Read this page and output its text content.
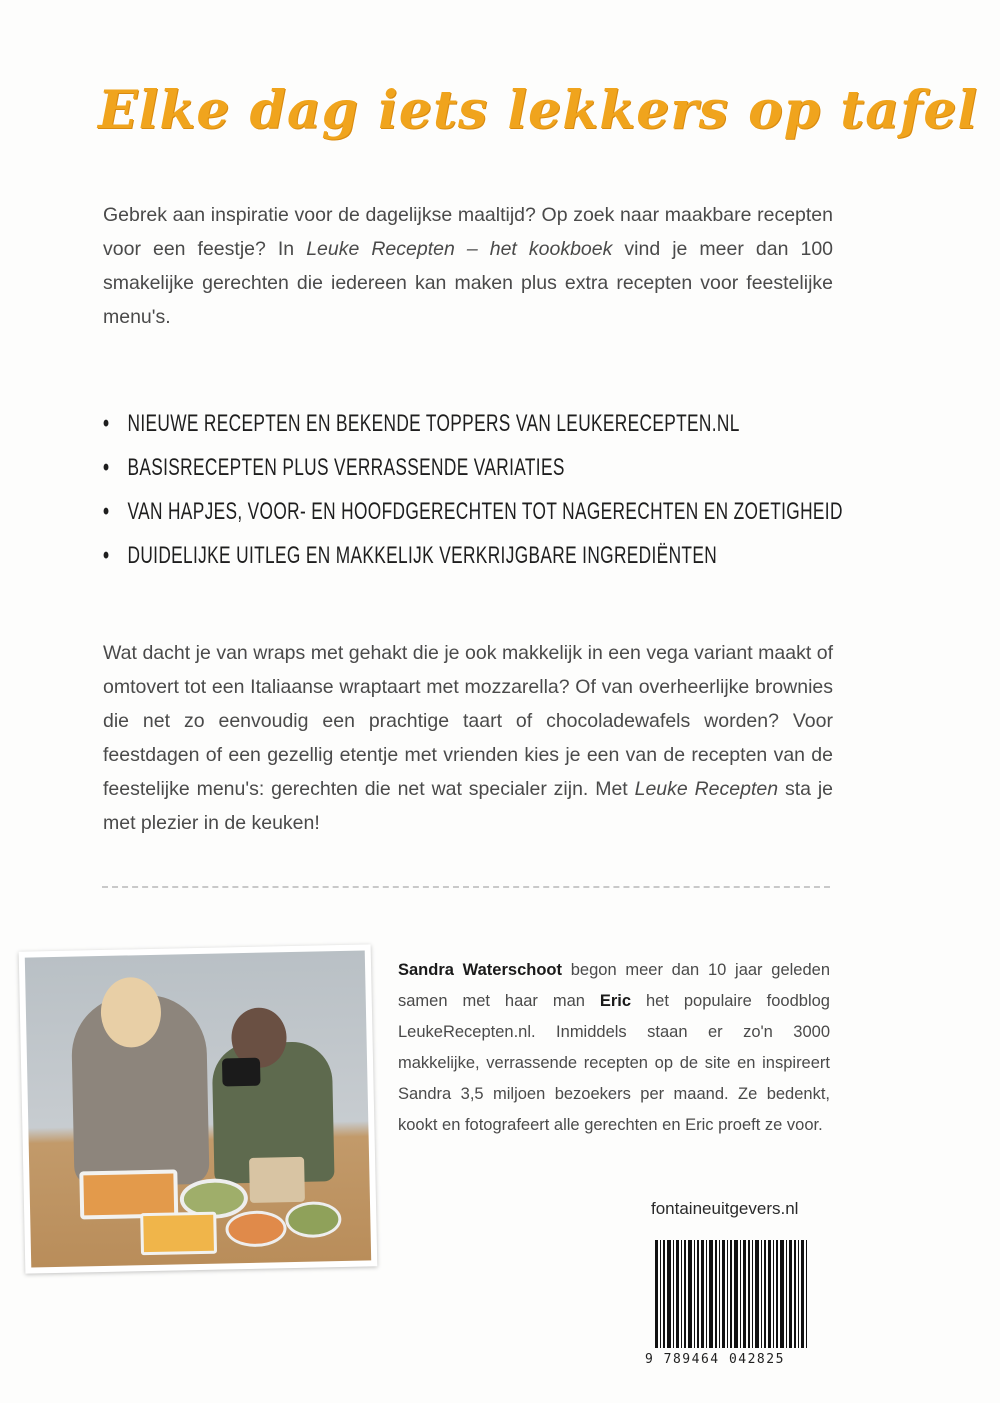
Elke dag iets lekkers op tafel
Gebrek aan inspiratie voor de dagelijkse maaltijd? Op zoek naar maakbare recepten voor een feestje? In Leuke Recepten – het kookboek vind je meer dan 100 smakelijke gerechten die iedereen kan maken plus extra recepten voor feestelijke menu's.
• NIEUWE RECEPTEN EN BEKENDE TOPPERS VAN LEUKERECEPTEN.NL
• BASISRECEPTEN PLUS VERRASSENDE VARIATIES
• VAN HAPJES, VOOR- EN HOOFDGERECHTEN TOT NAGERECHTEN EN ZOETIGHEID
• DUIDELIJKE UITLEG EN MAKKELIJK VERKRIJGBARE INGREDIËNTEN
Wat dacht je van wraps met gehakt die je ook makkelijk in een vega variant maakt of omtovert tot een Italiaanse wraptaart met mozzarella? Of van overheerlijke brownies die net zo eenvoudig een prachtige taart of chocoladewafels worden? Voor feestdagen of een gezellig etentje met vrienden kies je een van de recepten van de feestelijke menu's: gerechten die net wat specialer zijn. Met Leuke Recepten sta je met plezier in de keuken!
Sandra Waterschoot begon meer dan 10 jaar geleden samen met haar man Eric het populaire foodblog LeukeRecepten.nl. Inmiddels staan er zo'n 3000 makkelijke, verrassende recepten op de site en inspireert Sandra 3,5 miljoen bezoekers per maand. Ze bedenkt, kookt en fotografeert alle gerechten en Eric proeft ze voor.
fontaineuitgevers.nl
9 789464 042825
